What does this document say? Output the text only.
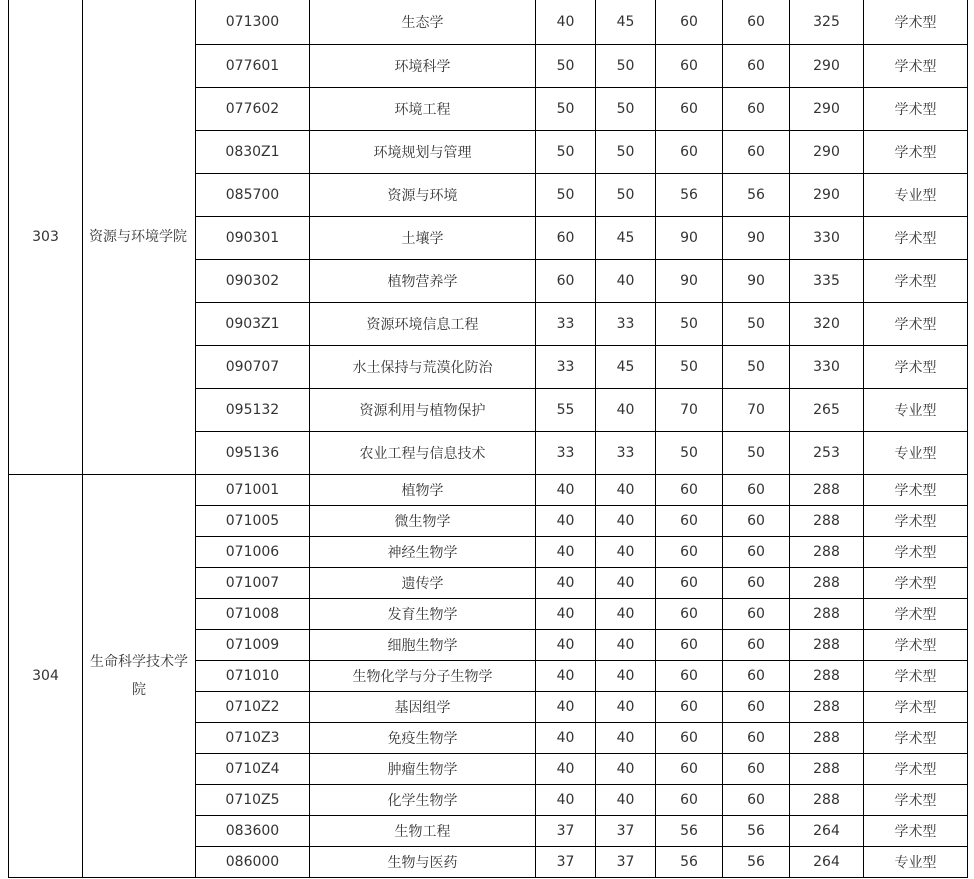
303	资源与环境学院	071300	生态学	40	45	60	60	325	学术型
		077601	环境科学	50	50	60	60	290	学术型
		077602	环境工程	50	50	60	60	290	学术型
		0830Z1	环境规划与管理	50	50	60	60	290	学术型
		085700	资源与环境	50	50	56	56	290	专业型
		090301	土壤学	60	45	90	90	330	学术型
		090302	植物营养学	60	40	90	90	335	学术型
		0903Z1	资源环境信息工程	33	33	50	50	320	学术型
		090707	水土保持与荒漠化防治	33	45	50	50	330	学术型
		095132	资源利用与植物保护	55	40	70	70	265	专业型
		095136	农业工程与信息技术	33	33	50	50	253	专业型
304	生命科学技术学院	071001	植物学	40	40	60	60	288	学术型
		071005	微生物学	40	40	60	60	288	学术型
		071006	神经生物学	40	40	60	60	288	学术型
		071007	遗传学	40	40	60	60	288	学术型
		071008	发育生物学	40	40	60	60	288	学术型
		071009	细胞生物学	40	40	60	60	288	学术型
		071010	生物化学与分子生物学	40	40	60	60	288	学术型
		0710Z2	基因组学	40	40	60	60	288	学术型
		0710Z3	免疫生物学	40	40	60	60	288	学术型
		0710Z4	肿瘤生物学	40	40	60	60	288	学术型
		0710Z5	化学生物学	40	40	60	60	288	学术型
		083600	生物工程	37	37	56	56	264	学术型
		086000	生物与医药	37	37	56	56	264	专业型
